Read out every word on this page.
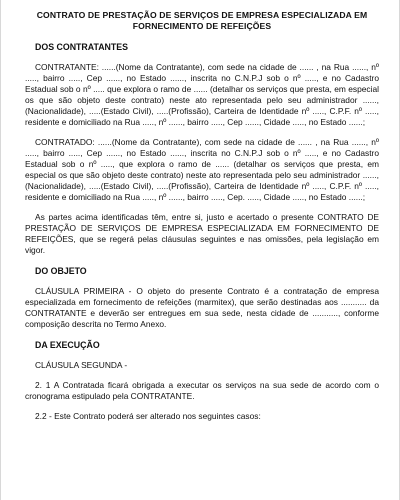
CONTRATO DE PRESTAÇÃO DE SERVIÇOS DE EMPRESA ESPECIALIZADA EM FORNECIMENTO DE REFEIÇÕES
DOS CONTRATANTES

CONTRATANTE: ......(Nome da Contratante), com sede na cidade de ...... , na Rua ......, nº ....., bairro ....., Cep ......, no Estado ......, inscrita no C.N.P.J sob o nº ....., e no Cadastro Estadual sob o nº ..... que explora o ramo de ...... (detalhar os serviços que presta, em especial os que são objeto deste contrato) neste ato representada pelo seu administrador ......, (Nacionalidade), .....(Estado Civil), .....(Profissão), Carteira de Identidade nº ....., C.P.F. nº ....., residente e domiciliado na Rua ....., nº ......, bairro ....., Cep ......, Cidade ....., no Estado ......;

CONTRATADO: ......(Nome da Contratante), com sede na cidade de ...... , na Rua ......, nº ....., bairro ....., Cep ......, no Estado ......, inscrita no C.N.P.J sob o nº ....., e no Cadastro Estadual sob o nº ....., que explora o ramo de ...... (detalhar os serviços que presta, em especial os que são objeto deste contrato) neste ato representada pelo seu administrador ......, (Nacionalidade), .....(Estado Civil), .....(Profissão), Carteira de Identidade nº ....., C.P.F. nº ....., residente e domiciliado na Rua ....., nº ......, bairro ....., Cep. ....., Cidade ....., no Estado ......;

As partes acima identificadas têm, entre si, justo e acertado o presente CONTRATO DE PRESTAÇÃO DE SERVIÇOS DE EMPRESA ESPECIALIZADA EM FORNECIMENTO DE REFEIÇÕES, que se regerá pelas cláusulas seguintes e nas omissões, pela legislação em vigor.

DO OBJETO

CLÁUSULA PRIMEIRA - O objeto do presente Contrato é a contratação de empresa especializada em fornecimento de refeições (marmitex), que serão destinadas aos ........... da CONTRATANTE e deverão ser entregues em sua sede, nesta cidade de ..........., conforme composição descrita no Termo Anexo.

DA EXECUÇÃO

CLÁUSULA SEGUNDA -

2. 1 A Contratada ficará obrigada a executar os serviços na sua sede de acordo com o cronograma estipulado pela CONTRATANTE.

2.2 - Este Contrato poderá ser alterado nos seguintes casos:
